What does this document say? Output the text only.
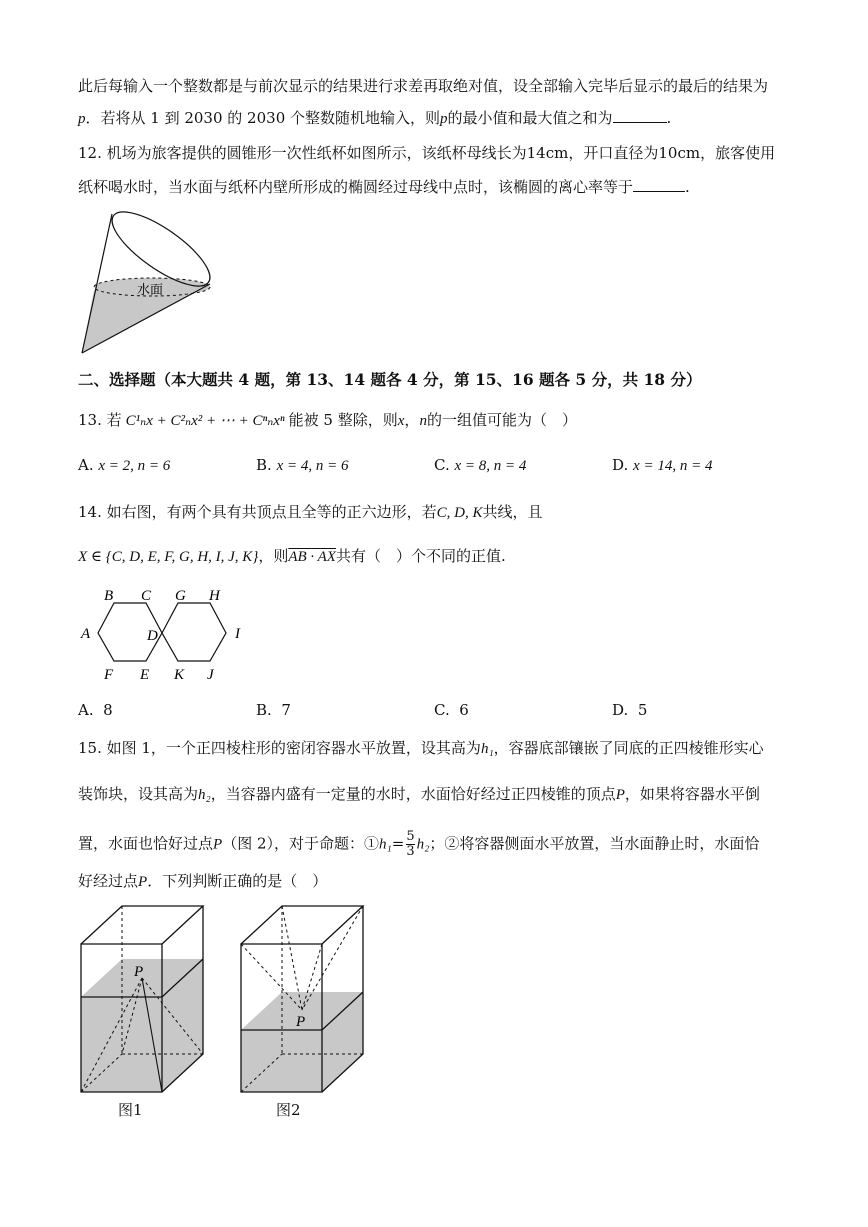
此后每输入一个整数都是与前次显示的结果进行求差再取绝对值，设全部输入完毕后显示的最后的结果为
p．若将从 1 到 2030 的 2030 个整数随机地输入，则p的最小值和最大值之和为	.
12. 机场为旅客提供的圆锥形一次性纸杯如图所示，该纸杯母线长为14cm，开口直径为10cm，旅客使用
纸杯喝水时，当水面与纸杯内壁所形成的椭圆经过母线中点时，该椭圆的离心率等于	.
水面
二、选择题（本大题共 4 题，第 13、14 题各 4 分，第 15、16 题各 5 分，共 18 分）
13. 若 C¹ₙx + C²ₙx² + ⋯ + Cⁿₙxⁿ 能被 5 整除，则x，n的一组值可能为（　）
A. x = 2, n = 6	B. x = 4, n = 6	C. x = 8, n = 4	D. x = 14, n = 4
14. 如右图，有两个具有共顶点且全等的正六边形，若C, D, K共线，且
X ∈ {C, D, E, F, G, H, I, J, K}，则AB · AX共有（　）个不同的正值.
B C G H
A	D	I
F E K J
A. 8	B. 7	C. 6	D. 5
15. 如图 1，一个正四棱柱形的密闭容器水平放置，设其高为h₁，容器底部镶嵌了同底的正四棱锥形实心
装饰块，设其高为h₂，当容器内盛有一定量的水时，水面恰好经过正四棱锥的顶点P，如果将容器水平倒
置，水面也恰好过点P（图 2），对于命题：①h₁= $\frac{5}{3} h_2$；②将容器侧面水平放置，当水面静止时，水面恰
好经过点P．下列判断正确的是（　）
P
图1
P
图2
